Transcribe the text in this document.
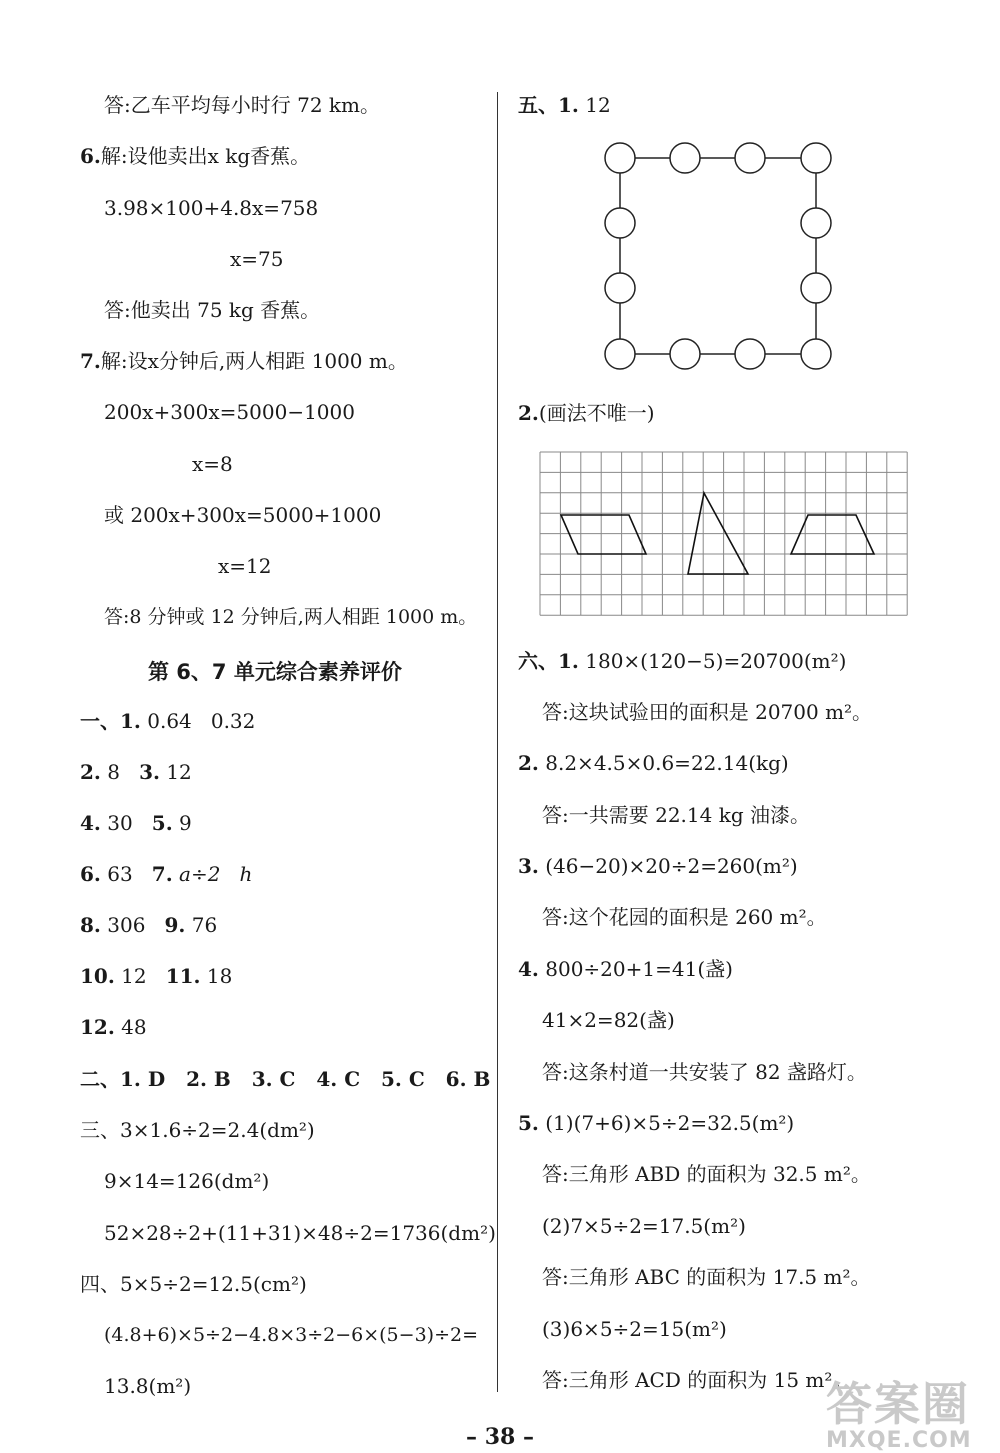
答:乙车平均每小时行 72 km。
6.解:设他卖出x kg香蕉。
3.98×100+4.8x=758
x=75
答:他卖出 75 kg 香蕉。
7.解:设x分钟后,两人相距 1000 m。
200x+300x=5000−1000
x=8
或 200x+300x=5000+1000
x=12
答:8 分钟或 12 分钟后,两人相距 1000 m。
第 6、7 单元综合素养评价
一、1. 0.64   0.32
2. 8 3. 12
4. 30 5. 9
6. 63 7. a÷2   h
8. 306 9. 76
10. 12 11. 18
12. 48
二、1. D   2. B   3. C   4. C   5. C   6. B
三、3×1.6÷2=2.4(dm²)
9×14=126(dm²)
52×28÷2+(11+31)×48÷2=1736(dm²)
四、5×5÷2=12.5(cm²)
(4.8+6)×5÷2−4.8×3÷2−6×(5−3)÷2=
13.8(m²)
五、1. 12
2.(画法不唯一)
六、1. 180×(120−5)=20700(m²)
答:这块试验田的面积是 20700 m²。
2. 8.2×4.5×0.6=22.14(kg)
答:一共需要 22.14 kg 油漆。
3. (46−20)×20÷2=260(m²)
答:这个花园的面积是 260 m²。
4. 800÷20+1=41(盏)
41×2=82(盏)
答:这条村道一共安装了 82 盏路灯。
5. (1)(7+6)×5÷2=32.5(m²)
答:三角形 ABD 的面积为 32.5 m²。
(2)7×5÷2=17.5(m²)
答:三角形 ABC 的面积为 17.5 m²。
(3)6×5÷2=15(m²)
答:三角形 ACD 的面积为 15 m²。
答案圈
MXQE.COM
– 38 –
